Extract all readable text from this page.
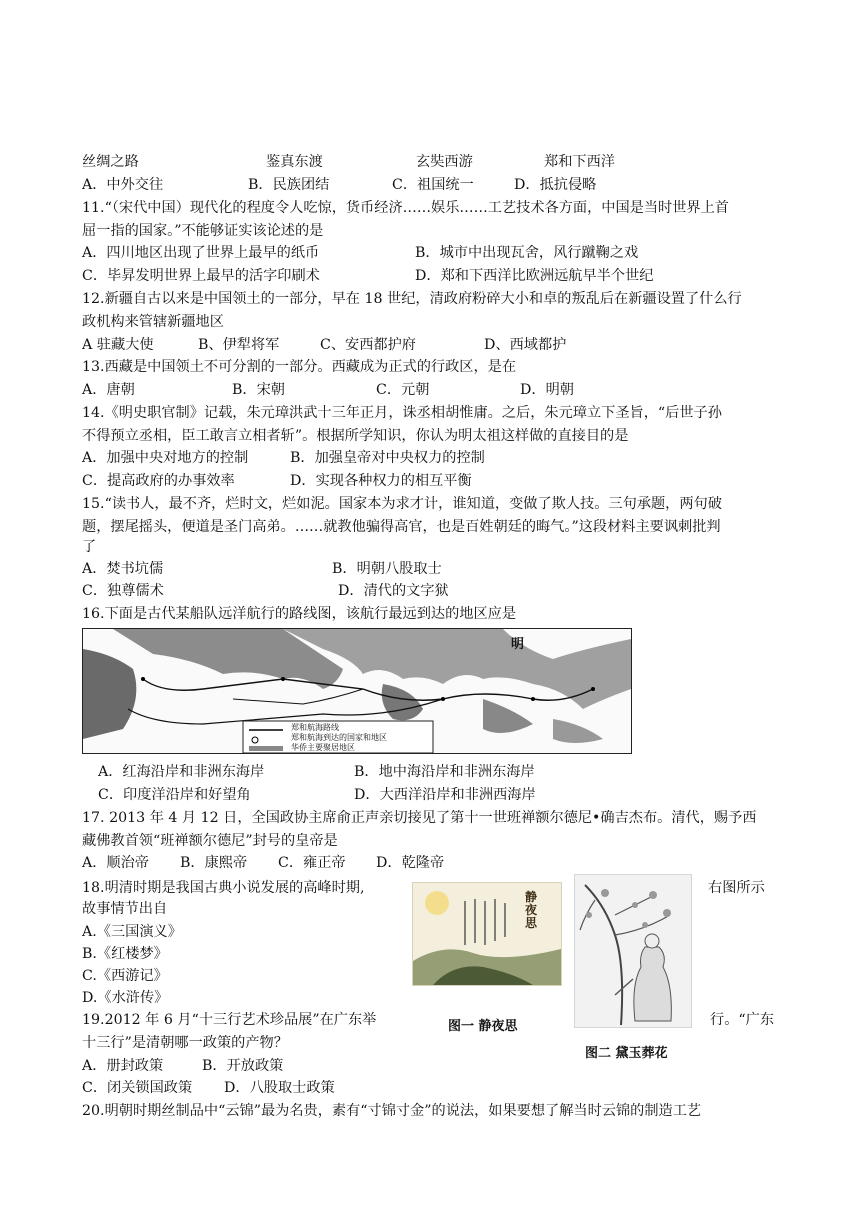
丝绸之路	鉴真东渡	玄奘西游	郑和下西洋
A．中外交往	B．民族团结	C．祖国统一	D．抵抗侵略
11.“（宋代中国）现代化的程度令人吃惊，货币经济……娱乐……工艺技术各方面，中国是当时世界上首
屈一指的国家。”不能够证实该论述的是
A．四川地区出现了世界上最早的纸币	B．城市中出现瓦舍，风行蹴鞠之戏
C．毕昇发明世界上最早的活字印刷术	D．郑和下西洋比欧洲远航早半个世纪
12.新疆自古以来是中国领土的一部分，早在 18 世纪，清政府粉碎大小和卓的叛乱后在新疆设置了什么行
政机构来管辖新疆地区
A 驻藏大使	B、伊犁将军	C、安西都护府	D、西域都护
13.西藏是中国领土不可分割的一部分。西藏成为正式的行政区，是在
A．唐朝	B．宋朝	C．元朝	D．明朝
14.《明史职官制》记载，朱元璋洪武十三年正月，诛丞相胡惟庸。之后，朱元璋立下圣旨，“后世子孙
不得预立丞相，臣工敢言立相者斩”。根据所学知识，你认为明太祖这样做的直接目的是
A．加强中央对地方的控制	B．加强皇帝对中央权力的控制
C．提高政府的办事效率	D．实现各种权力的相互平衡
15.“读书人，最不齐，烂时文，烂如泥。国家本为求才计，谁知道，变做了欺人技。三句承题，两句破
题，摆尾摇头，便道是圣门高弟。……就教他骗得高官，也是百姓朝廷的晦气。”这段材料主要讽刺批判
了
A．焚书坑儒	B．明朝八股取士
C．独尊儒术	D．清代的文字狱
16.下面是古代某船队远洋航行的路线图，该航行最远到达的地区应是
明
郑和航海路线
郑和航海到达的国家和地区
华侨主要聚居地区
A．红海沿岸和非洲东海岸	B．地中海沿岸和非洲东海岸
C．印度洋沿岸和好望角	D．大西洋沿岸和非洲西海岸
17. 2013 年 4 月 12 日，全国政协主席俞正声亲切接见了第十一世班禅额尔德尼•确吉杰布。清代，赐予西
藏佛教首领“班禅额尔德尼”封号的皇帝是
A．顺治帝 B．康熙帝 C．雍正帝 D．乾隆帝
18.明清时期是我国古典小说发展的高峰时期,	右图所示
故事情节出自
A.《三国演义》
B.《红楼梦》
C.《西游记》
D.《水浒传》
静夜思
图一 静夜思
图二 黛玉葬花
19.2012 年 6 月“十三行艺术珍品展”在广东举	行。“广东
十三行”是清朝哪一政策的产物？
A．册封政策	B．开放政策
C．闭关锁国政策 D．八股取士政策
20.明朝时期丝制品中“云锦”最为名贵，素有“寸锦寸金”的说法，如果要想了解当时云锦的制造工艺
